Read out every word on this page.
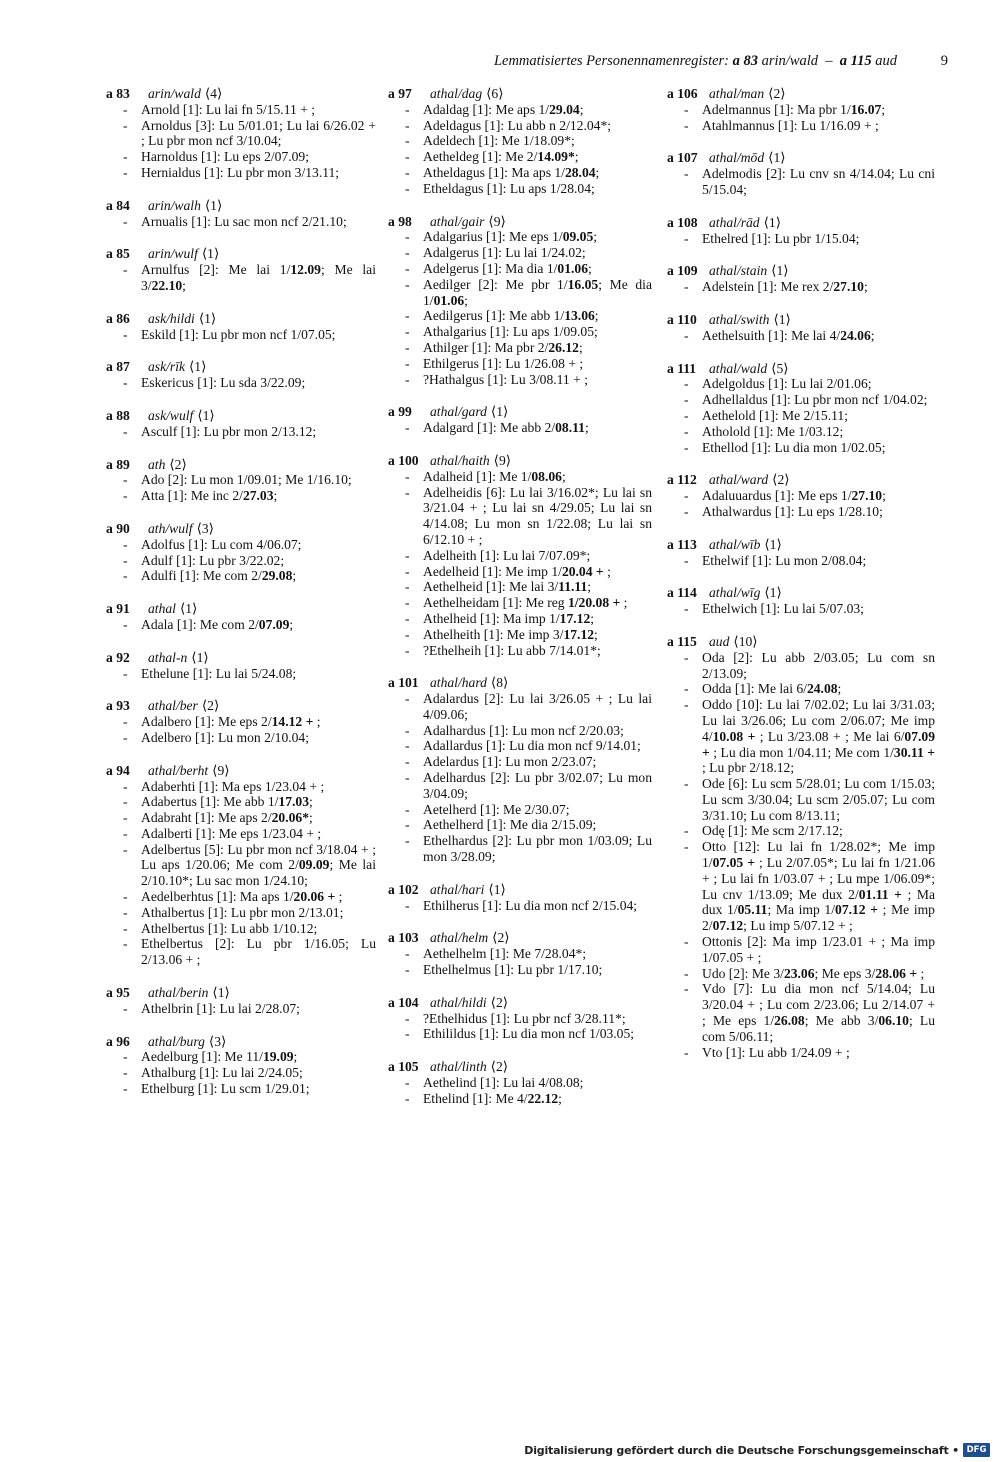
Lemmatisiertes Personennamenregister: a 83 arin/wald – a 115 aud	9
a 83	arin/wald ⟨4⟩
- Arnold [1]: Lu lai fn 5/15.11 + ;
- Arnoldus [3]: Lu 5/01.01; Lu lai 6/26.02 + ; Lu pbr mon ncf 3/10.04;
- Harnoldus [1]: Lu eps 2/07.09;
- Hernialdus [1]: Lu pbr mon 3/13.11;
a 84	arin/walh ⟨1⟩
- Arnualis [1]: Lu sac mon ncf 2/21.10;
a 85	arin/wulf ⟨1⟩
- Arnulfus [2]: Me lai 1/12.09; Me lai 3/22.10;
a 86	ask/hildi ⟨1⟩
- Eskild [1]: Lu pbr mon ncf 1/07.05;
a 87	ask/rīk ⟨1⟩
- Eskericus [1]: Lu sda 3/22.09;
a 88	ask/wulf ⟨1⟩
- Asculf [1]: Lu pbr mon 2/13.12;
a 89	ath ⟨2⟩
- Ado [2]: Lu mon 1/09.01; Me 1/16.10;
- Atta [1]: Me inc 2/27.03;
a 90	ath/wulf ⟨3⟩
- Adolfus [1]: Lu com 4/06.07;
- Adulf [1]: Lu pbr 3/22.02;
- Adulfi [1]: Me com 2/29.08;
a 91	athal ⟨1⟩
- Adala [1]: Me com 2/07.09;
a 92	athal-n ⟨1⟩
- Ethelune [1]: Lu lai 5/24.08;
a 93	athal/ber ⟨2⟩
- Adalbero [1]: Me eps 2/14.12 + ;
- Adelbero [1]: Lu mon 2/10.04;
a 94	athal/berht ⟨9⟩
- Adaberhti [1]: Ma eps 1/23.04 + ;
- Adabertus [1]: Me abb 1/17.03;
- Adabraht [1]: Me aps 2/20.06*;
- Adalberti [1]: Me eps 1/23.04 + ;
- Adelbertus [5]: Lu pbr mon ncf 3/18.04 + ; Lu aps 1/20.06; Me com 2/09.09; Me lai 2/10.10*; Lu sac mon 1/24.10;
- Aedelberhtus [1]: Ma aps 1/20.06 + ;
- Athalbertus [1]: Lu pbr mon 2/13.01;
- Athelbertus [1]: Lu abb 1/10.12;
- Ethelbertus [2]: Lu pbr 1/16.05; Lu 2/13.06 + ;
a 95	athal/berin ⟨1⟩
- Athelbrin [1]: Lu lai 2/28.07;
a 96	athal/burg ⟨3⟩
- Aedelburg [1]: Me 11/19.09;
- Athalburg [1]: Lu lai 2/24.05;
- Ethelburg [1]: Lu scm 1/29.01;
a 97	athal/dag ⟨6⟩
- Adaldag [1]: Me aps 1/29.04;
- Adeldagus [1]: Lu abb n 2/12.04*;
- Adeldech [1]: Me 1/18.09*;
- Aetheldeg [1]: Me 2/14.09*;
- Atheldagus [1]: Ma aps 1/28.04;
- Etheldagus [1]: Lu aps 1/28.04;
a 98	athal/gair ⟨9⟩
- Adalgarius [1]: Me eps 1/09.05;
- Adalgerus [1]: Lu lai 1/24.02;
- Adelgerus [1]: Ma dia 1/01.06;
- Aedilger [2]: Me pbr 1/16.05; Me dia 1/01.06;
- Aedilgerus [1]: Me abb 1/13.06;
- Athalgarius [1]: Lu aps 1/09.05;
- Athilger [1]: Ma pbr 2/26.12;
- Ethilgerus [1]: Lu 1/26.08 + ;
- ?Hathalgus [1]: Lu 3/08.11 + ;
a 99	athal/gard ⟨1⟩
- Adalgard [1]: Me abb 2/08.11;
a 100 athal/haith ⟨9⟩
- Adalheid [1]: Me 1/08.06;
- Adelheidis [6]: Lu lai 3/16.02*; Lu lai sn 3/21.04 + ; Lu lai sn 4/29.05; Lu lai sn 4/14.08; Lu mon sn 1/22.08; Lu lai sn 6/12.10 + ;
- Adelheith [1]: Lu lai 7/07.09*;
- Aedelheid [1]: Me imp 1/20.04 + ;
- Aethelheid [1]: Me lai 3/11.11;
- Aethelheidam [1]: Me reg 1/20.08 + ;
- Athelheid [1]: Ma imp 1/17.12;
- Athelheith [1]: Me imp 3/17.12;
- ?Ethelheih [1]: Lu abb 7/14.01*;
a 101 athal/hard ⟨8⟩
- Adalardus [2]: Lu lai 3/26.05 + ; Lu lai 4/09.06;
- Adalhardus [1]: Lu mon ncf 2/20.03;
- Adallardus [1]: Lu dia mon ncf 9/14.01;
- Adelardus [1]: Lu mon 2/23.07;
- Adelhardus [2]: Lu pbr 3/02.07; Lu mon 3/04.09;
- Aetelherd [1]: Me 2/30.07;
- Aethelherd [1]: Me dia 2/15.09;
- Ethelhardus [2]: Lu pbr mon 1/03.09; Lu mon 3/28.09;
a 102 athal/hari ⟨1⟩
- Ethilherus [1]: Lu dia mon ncf 2/15.04;
a 103 athal/helm ⟨2⟩
- Aethelhelm [1]: Me 7/28.04*;
- Ethelhelmus [1]: Lu pbr 1/17.10;
a 104 athal/hildi ⟨2⟩
- ?Ethelhidus [1]: Lu pbr ncf 3/28.11*;
- Ethilildus [1]: Lu dia mon ncf 1/03.05;
a 105 athal/linth ⟨2⟩
- Aethelind [1]: Lu lai 4/08.08;
- Ethelind [1]: Me 4/22.12;
a 106 athal/man ⟨2⟩
- Adelmannus [1]: Ma pbr 1/16.07;
- Atahlmannus [1]: Lu 1/16.09 + ;
a 107 athal/mōd ⟨1⟩
- Adelmodis [2]: Lu cnv sn 4/14.04; Lu cni 5/15.04;
a 108 athal/rād ⟨1⟩
- Ethelred [1]: Lu pbr 1/15.04;
a 109 athal/stain ⟨1⟩
- Adelstein [1]: Me rex 2/27.10;
a 110 athal/swith ⟨1⟩
- Aethelsuith [1]: Me lai 4/24.06;
a 111 athal/wald ⟨5⟩
- Adelgoldus [1]: Lu lai 2/01.06;
- Adhellaldus [1]: Lu pbr mon ncf 1/04.02;
- Aethelold [1]: Me 2/15.11;
- Atholold [1]: Me 1/03.12;
- Ethellod [1]: Lu dia mon 1/02.05;
a 112 athal/ward ⟨2⟩
- Adaluuardus [1]: Me eps 1/27.10;
- Athalwardus [1]: Lu eps 1/28.10;
a 113 athal/wīb ⟨1⟩
- Ethelwif [1]: Lu mon 2/08.04;
a 114 athal/wīg ⟨1⟩
- Ethelwich [1]: Lu lai 5/07.03;
a 115 aud ⟨10⟩
- Oda [2]: Lu abb 2/03.05; Lu com sn 2/13.09;
- Odda [1]: Me lai 6/24.08;
- Oddo [10]: Lu lai 7/02.02; Lu lai 3/31.03; Lu lai 3/26.06; Lu com 2/06.07; Me imp 4/10.08 + ; Lu 3/23.08 + ; Me lai 6/07.09 + ; Lu dia mon 1/04.11; Me com 1/30.11 + ; Lu pbr 2/18.12;
- Ode [6]: Lu scm 5/28.01; Lu com 1/15.03; Lu scm 3/30.04; Lu scm 2/05.07; Lu com 3/31.10; Lu com 8/13.11;
- Odę [1]: Me scm 2/17.12;
- Otto [12]: Lu lai fn 1/28.02*; Me imp 1/07.05 + ; Lu 2/07.05*; Lu lai fn 1/21.06 + ; Lu lai fn 1/03.07 + ; Lu mpe 1/06.09*; Lu cnv 1/13.09; Me dux 2/01.11 + ; Ma dux 1/05.11; Ma imp 1/07.12 + ; Me imp 2/07.12; Lu imp 5/07.12 + ;
- Ottonis [2]: Ma imp 1/23.01 + ; Ma imp 1/07.05 + ;
- Udo [2]: Me 3/23.06; Me eps 3/28.06 + ;
- Vdo [7]: Lu dia mon ncf 5/14.04; Lu 3/20.04 + ; Lu com 2/23.06; Lu 2/14.07 + ; Me eps 1/26.08; Me abb 3/06.10; Lu com 5/06.11;
- Vto [1]: Lu abb 1/24.09 + ;
Digitalisierung gefördert durch die Deutsche Forschungsgemeinschaft • DFG
